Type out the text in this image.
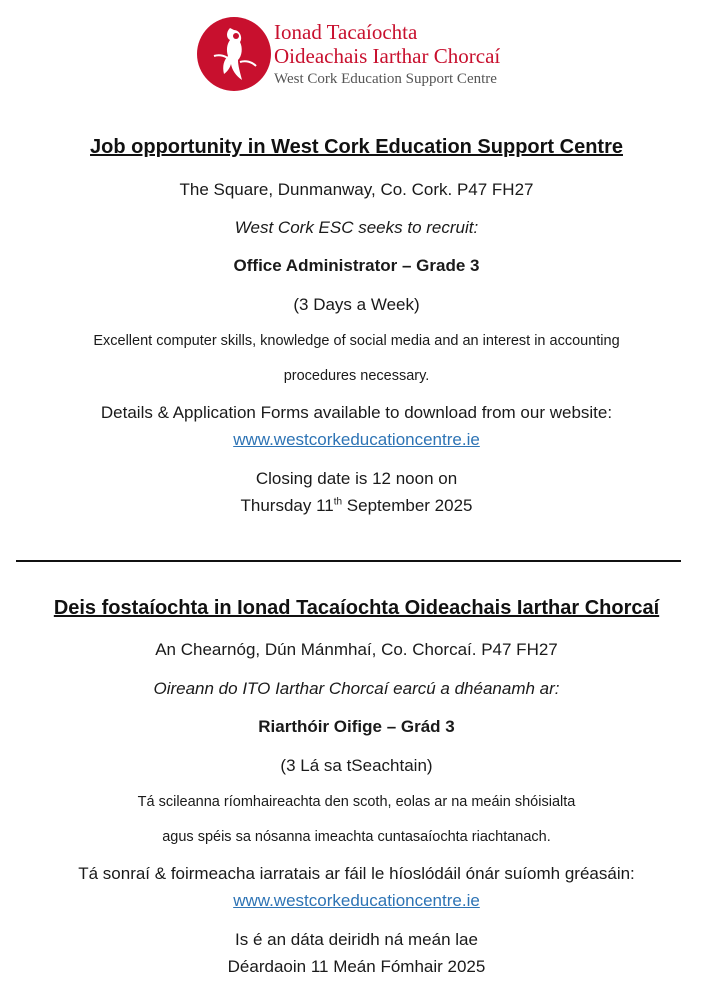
Ionad Tacaíochta
Oideachais Iarthar Chorcaí
West Cork Education Support Centre
Job opportunity in West Cork Education Support Centre
The Square, Dunmanway, Co. Cork. P47 FH27
West Cork ESC seeks to recruit:
Office Administrator – Grade 3
(3 Days a Week)
Excellent computer skills, knowledge of social media and an interest in accounting
procedures necessary.
Details & Application Forms available to download from our website:
www.westcorkeducationcentre.ie
Closing date is 12 noon on
Thursday 11th September 2025
Deis fostaíochta in Ionad Tacaíochta Oideachais Iarthar Chorcaí
An Chearnóg, Dún Mánmhaí, Co. Chorcaí. P47 FH27
Oireann do ITO Iarthar Chorcaí earcú a dhéanamh ar:
Riarthóir Oifige – Grád 3
(3 Lá sa tSeachtain)
Tá scileanna ríomhaireachta den scoth, eolas ar na meáin shóisialta
agus spéis sa nósanna imeachta cuntasaíochta riachtanach.
Tá sonraí & foirmeacha iarratais ar fáil le híoslódáil ónár suíomh gréasáin:
www.westcorkeducationcentre.ie
Is é an dáta deiridh ná meán lae
Déardaoin 11 Meán Fómhair 2025
